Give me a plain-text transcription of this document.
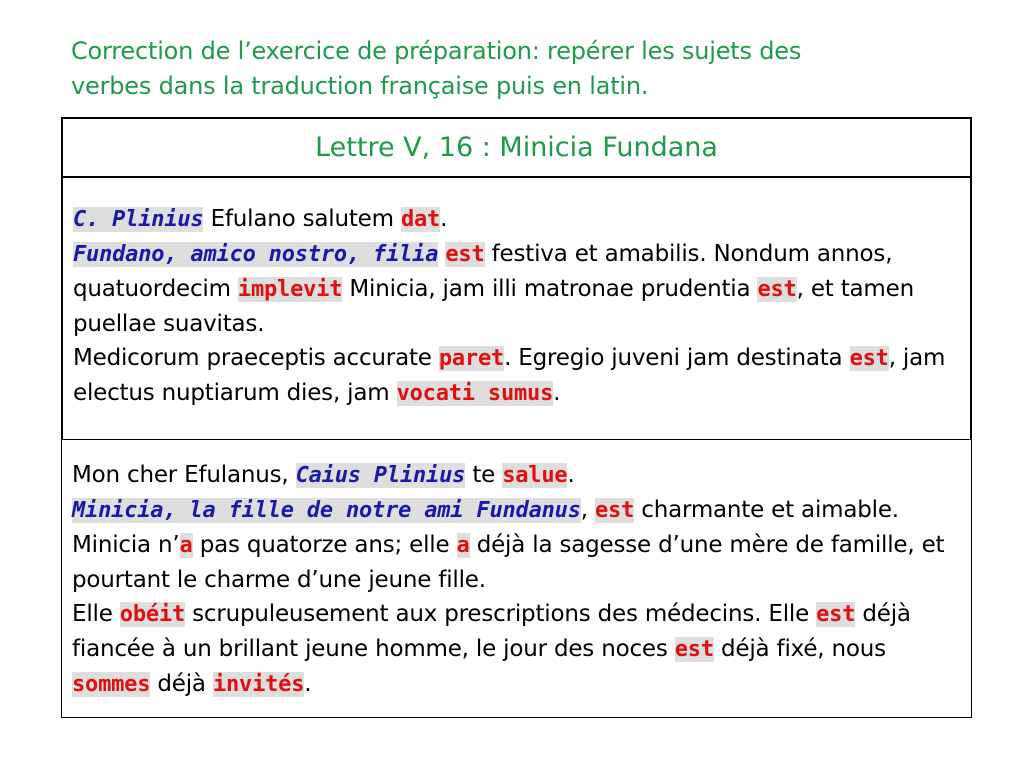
Correction de l’exercice de préparation: repérer les sujets des
verbes dans la traduction française puis en latin.
Lettre V, 16 : Minicia Fundana
C. Plinius Efulano salutem dat.
Fundano, amico nostro, filia est festiva et amabilis. Nondum annos, quatuordecim implevit Minicia, jam illi matronae prudentia est, et tamen puellae suavitas.
Medicorum praeceptis accurate paret. Egregio juveni jam destinata est, jam electus nuptiarum dies, jam vocati sumus.
Mon cher Efulanus, Caius Plinius te salue.
Minicia, la fille de notre ami Fundanus, est charmante et aimable. Minicia n’a pas quatorze ans; elle a déjà la sagesse d’une mère de famille, et pourtant le charme d’une jeune fille.
Elle obéit scrupuleusement aux prescriptions des médecins. Elle est déjà fiancée à un brillant jeune homme, le jour des noces est déjà fixé, nous sommes déjà invités.
